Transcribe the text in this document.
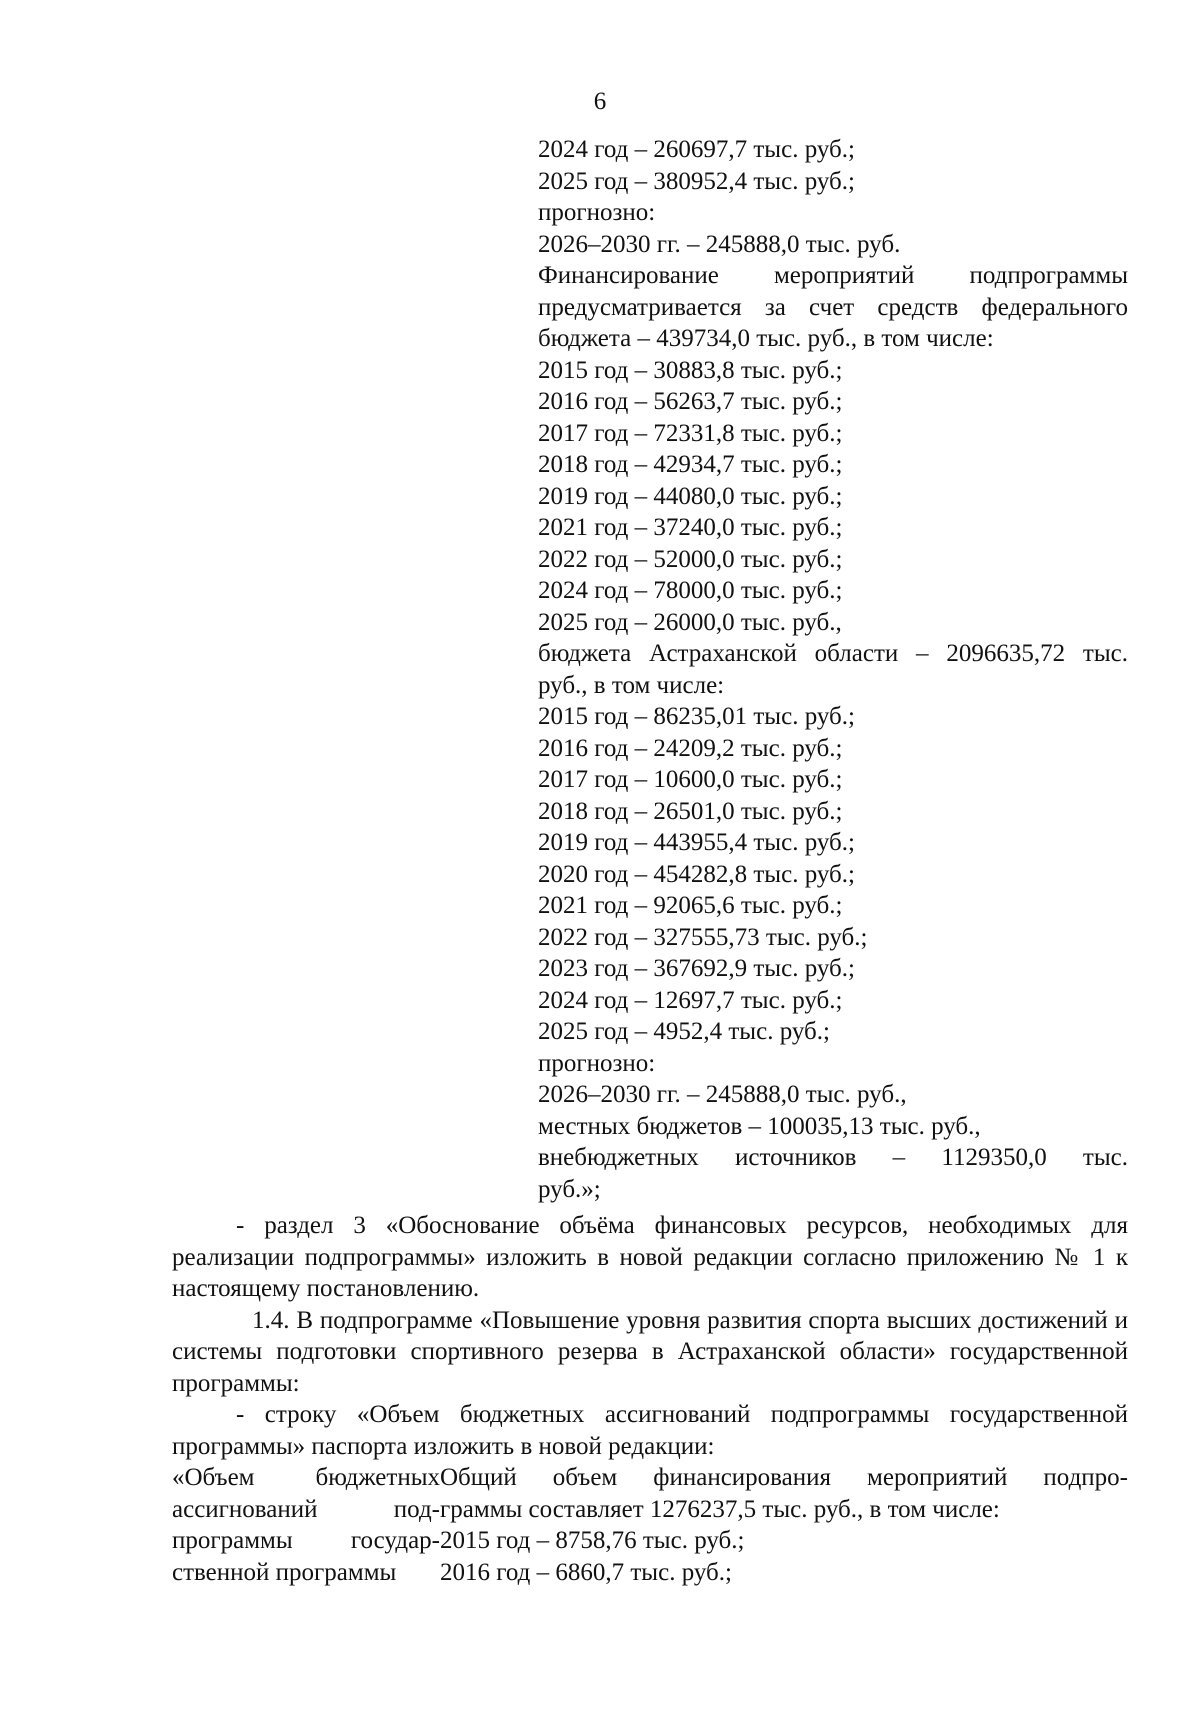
6
2024 год – 260697,7 тыс. руб.;
2025 год – 380952,4 тыс. руб.;
прогнозно:
2026–2030 гг. – 245888,0 тыс. руб.
Финансирование мероприятий подпрограммы
предусматривается за счет средств федерального
бюджета – 439734,0 тыс. руб., в том числе:
2015 год – 30883,8 тыс. руб.;
2016 год – 56263,7 тыс. руб.;
2017 год – 72331,8 тыс. руб.;
2018 год – 42934,7 тыс. руб.;
2019 год – 44080,0 тыс. руб.;
2021 год – 37240,0 тыс. руб.;
2022 год – 52000,0 тыс. руб.;
2024 год – 78000,0 тыс. руб.;
2025 год – 26000,0 тыс. руб.,
бюджета Астраханской области – 2096635,72 тыс.
руб., в том числе:
2015 год – 86235,01 тыс. руб.;
2016 год – 24209,2 тыс. руб.;
2017 год – 10600,0 тыс. руб.;
2018 год – 26501,0 тыс. руб.;
2019 год – 443955,4 тыс. руб.;
2020 год – 454282,8 тыс. руб.;
2021 год – 92065,6 тыс. руб.;
2022 год – 327555,73 тыс. руб.;
2023 год – 367692,9 тыс. руб.;
2024 год – 12697,7 тыс. руб.;
2025 год – 4952,4 тыс. руб.;
прогнозно:
2026–2030 гг. – 245888,0 тыс. руб.,
местных бюджетов – 100035,13 тыс. руб.,
внебюджетных источников – 1129350,0 тыс.
руб.»;
- раздел 3 «Обоснование объёма финансовых ресурсов, необходимых для реализации подпрограммы» изложить в новой редакции согласно приложению № 1 к настоящему постановлению.
1.4. В подпрограмме «Повышение уровня развития спорта высших достижений и системы подготовки спортивного резерва в Астраханской области» государственной программы:
- строку «Объем бюджетных ассигнований подпрограммы государственной программы» паспорта изложить в новой редакции:
«Объем бюджетных
ассигнований под-
программы государ-
ственной программы
Общий объем финансирования мероприятий подпро-
граммы составляет 1276237,5 тыс. руб., в том числе:
2015 год – 8758,76 тыс. руб.;
2016 год – 6860,7 тыс. руб.;
